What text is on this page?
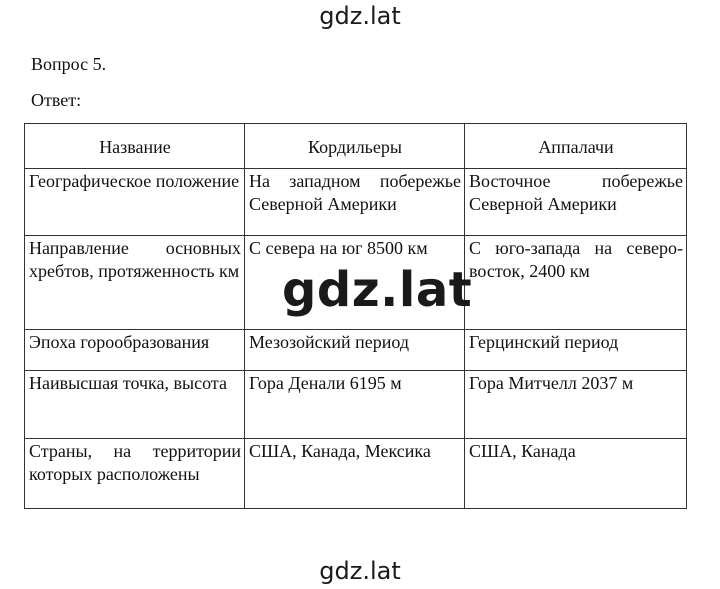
gdz.lat
Вопрос 5.
Ответ:
Название	Кордильеры	Аппалачи
Географическое положение	На западном побережье Северной Америки	Восточное побережье Северной Америки
Направление основных хребтов, протяженность км	С севера на юг 8500 км	С юго-запада на северо-восток, 2400 км
Эпоха горообразования	Мезозойский период	Герцинский период
Наивысшая точка, высота	Гора Денали 6195 м	Гора Митчелл 2037 м
Страны, на территории которых расположены	США, Канада, Мексика	США, Канада
gdz.lat
gdz.lat
